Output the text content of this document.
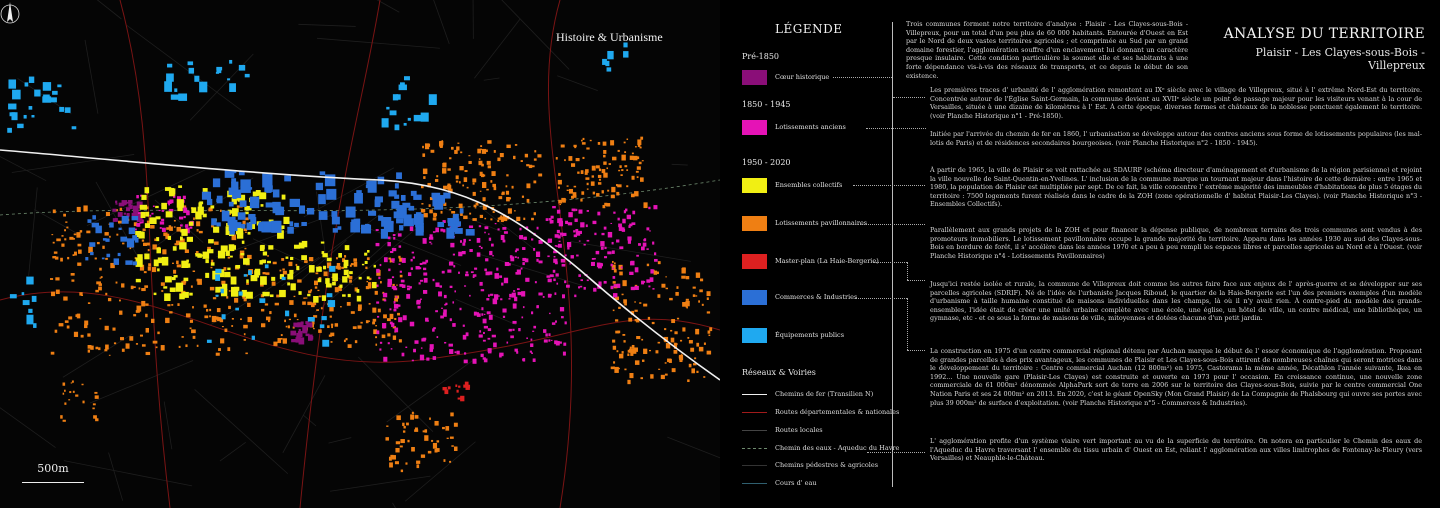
Histoire & Urbanisme
500m
LÉGENDE
Pré-1850
Cœur historique
1850 - 1945
Lotissements anciens
1950 - 2020
Ensembles collectifs
Lotissements pavillonnaires
Master-plan (La Haie-Bergerie)
Commerces & Industries
Équipements publics
Réseaux & Voiries
Chemins de fer (Transilien N)
Routes départementales & nationales
Routes locales
Chemin des eaux - Aqueduc du Havre
Chemins pédestres & agricoles
Cours d' eau
ANALYSE DU TERRITOIRE
Plaisir - Les Clayes-sous-Bois - Villepreux
Trois communes forment notre territoire d'analyse : Plaisir - Les Clayes-sous-Bois - Villepreux, pour un total d'un peu plus de 60 000 habitants. Entourée d'Ouest en Est par le Nord de deux vastes territoires agricoles ; et comprimée au Sud par un grand domaine forestier, l'agglomération souffre d'un enclavement lui donnant un caractère presque insulaire. Cette condition particulière la soumet elle et ses habitants à une forte dépendance vis-à-vis des réseaux de transports, et ce depuis le début de son existence.
Les premières traces d' urbanité de l' agglomération remontent au IXᵉ siècle avec le village de Villepreux, situé à l' extrême Nord-Est du territoire. Concentrée autour de l'Église Saint-Germain, la commune devient au XVIIᵉ siècle un point de passage majeur pour les visiteurs venant à la cour de Versailles, située à une dizaine de kilomètres à l' Est. À cette époque, diverses fermes et châteaux de la noblesse ponctuent également le territoire. (voir Planche Historique n°1 - Pré-1850).
Initiée par l'arrivée du chemin de fer en 1860, l' urbanisation se développe autour des centres anciens sous forme de lotissements populaires (les mal-lotis de Paris) et de résidences secondaires bourgeoises. (voir Planche Historique n°2 - 1850 - 1945).
À partir de 1965, la ville de Plaisir se voit rattachée au SDAURP (schéma directeur d'aménagement et d'urbanisme de la région parisienne) et rejoint la ville nouvelle de Saint-Quentin-en-Yvelines. L' inclusion de la commune marque un tournant majeur dans l'histoire de cette dernière : entre 1965 et 1980, la population de Plaisir est multipliée par sept. De ce fait, la ville concentre l' extrême majorité des immeubles d'habitations de plus 5 étages du territoire : 7500 logements furent réalisés dans le cadre de la ZOH (zone opérationnelle d' habitat Plaisir-Les Clayes). (voir Planche Historique n°3 - Ensembles Collectifs).
Parallèlement aux grands projets de la ZOH et pour financer la dépense publique, de nombreux terrains des trois communes sont vendus à des promoteurs immobiliers. Le lotissement pavillonnaire occupe la grande majorité du territoire. Apparu dans les années 1930 au sud des Clayes-sous-Bois en bordure de forêt, il s' accélère dans les années 1970 et a peu à peu rempli les espaces libres et parcelles agricoles au Nord et à l'Ouest. (voir Planche Historique n°4 - Lotissements Pavillonnaires)
Jusqu'ici restée isolée et rurale, la commune de Villepreux doit comme les autres faire face aux enjeux de l' après-guerre et se développer sur ses parcelles agricoles (SDRIF). Né de l'idée de l'urbaniste Jacques Riboud, le quartier de la Haie-Bergerie est l'un des premiers exemples d'un modèle d'urbanisme à taille humaine constitué de maisons individuelles dans les champs, là où il n'y avait rien. À contre-pied du modèle des grands-ensembles, l'idée était de créer une unité urbaine complète avec une école, une église, un hôtel de ville, un centre médical, une bibliothèque, un gymnase, etc - et ce sous la forme de maisons de ville, mitoyennes et dotées chacune d'un petit jardin.
La construction en 1975 d'un centre commercial régional détenu par Auchan marque le début de l' essor économique de l'agglomération. Proposant de grandes parcelles à des prix avantageux, les communes de Plaisir et Les Clayes-sous-Bois attirent de nombreuses chaînes qui seront motrices dans le développement du territoire : Centre commercial Auchan (12 800m²) en 1975, Castorama la même année, Décathlon l'année suivante, Ikea en 1992... Une nouvelle gare (Plaisir-Les Clayes) est construite et ouverte en 1973 pour l' occasion. En croissance continue, une nouvelle zone commerciale de 61 000m² dénommée AlphaPark sort de terre en 2006 sur le territoire des Clayes-sous-Bois, suivie par le centre commercial One Nation Paris et ses 24 000m² en 2013. En 2020, c'est le géant OpenSky (Mon Grand Plaisir) de La Compagnie de Phalsbourg qui ouvre ses portes avec plus 39 000m² de surface d'exploitation. (voir Planche Historique n°5 - Commerces & Industries).
L' agglomération profite d'un système viaire vert important au vu de la superficie du territoire. On notera en particulier le Chemin des eaux de l'Aqueduc du Havre traversant l' ensemble du tissu urbain d' Ouest en Est, reliant l' agglomération aux villes limitrophes de Fontenay-le-Fleury (vers Versailles) et Neauphle-le-Château.
